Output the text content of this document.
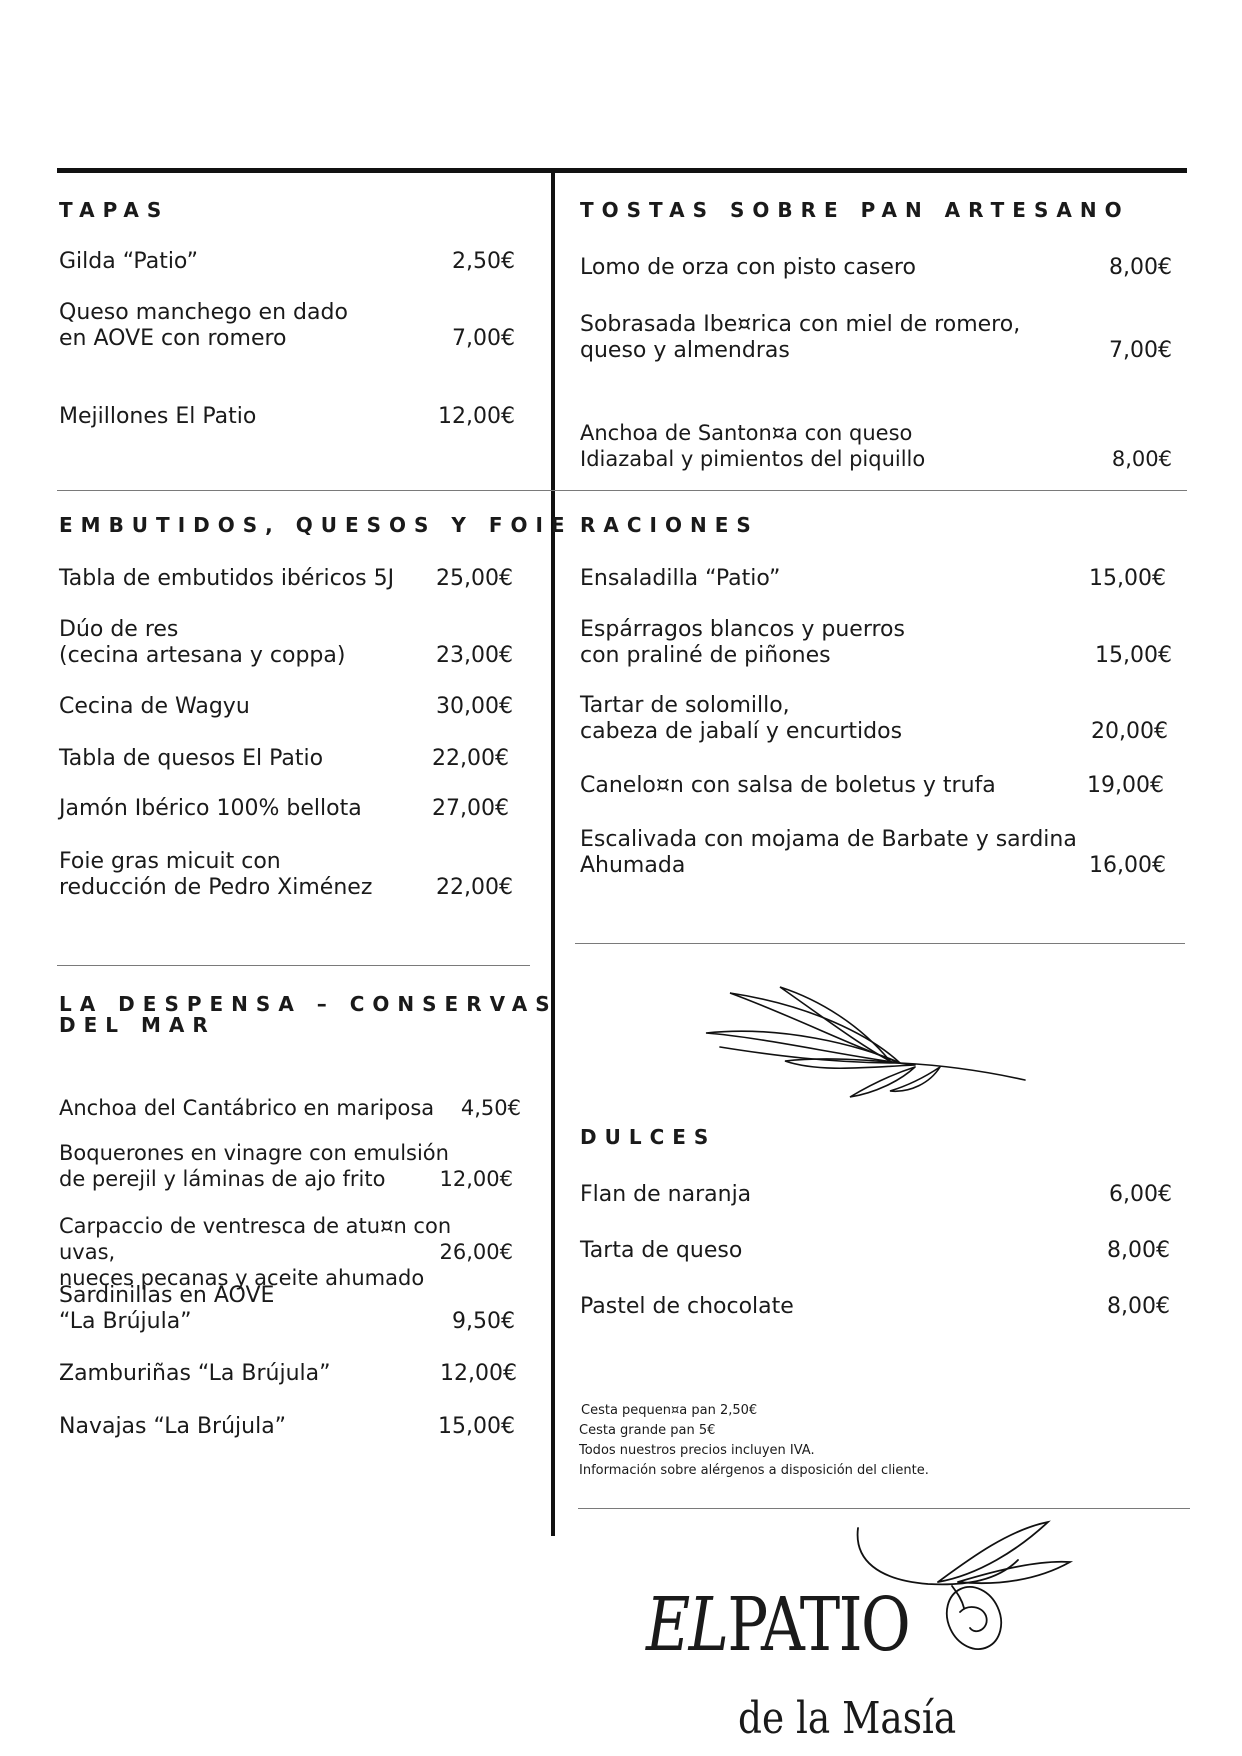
TAPAS
Gilda “Patio”	2,50€
Queso manchego en dado
en AOVE con romero	7,00€
Mejillones El Patio	12,00€
TOSTAS SOBRE PAN ARTESANO
Lomo de orza con pisto casero	8,00€
Sobrasada Ibe¤rica con miel de romero,
queso y almendras	7,00€
Anchoa de Santon¤a con queso
Idiazabal y pimientos del piquillo	8,00€
EMBUTIDOS, QUESOS Y FOIE
Tabla de embutidos ibéricos 5J 25,00€
Dúo de res
(cecina artesana y coppa)	23,00€
Cecina de Wagyu	30,00€
Tabla de quesos El Patio	22,00€
Jamón Ibérico 100% bellota	27,00€
Foie gras micuit con
reducción de Pedro Ximénez	22,00€
RACIONES
Ensaladilla “Patio”	15,00€
Espárragos blancos y puerros
con praliné de piñones	15,00€
Tartar de solomillo,
cabeza de jabalí y encurtidos	20,00€
Canelo¤n con salsa de boletus y trufa	19,00€
Escalivada con mojama de Barbate y sardina
Ahumada	16,00€
DULCES
Flan de naranja	6,00€
Tarta de queso	8,00€
Pastel de chocolate	8,00€
Cesta pequen¤a pan 2,50€
Cesta grande pan 5€
Todos nuestros precios incluyen IVA.
Información sobre alérgenos a disposición del cliente.
LA DESPENSA – CONSERVAS
DEL MAR
Anchoa del Cantábrico en mariposa 4,50€
Boquerones en vinagre con emulsión
de perejil y láminas de ajo frito	12,00€
Carpaccio de ventresca de atu¤n con uvas,
nueces pecanas y aceite ahumado
26,00€
Sardinillas en AOVE
“La Brújula”	9,50€
Zamburiñas “La Brújula”	12,00€
Navajas “La Brújula”	15,00€
ELPATIO
de la Masía
